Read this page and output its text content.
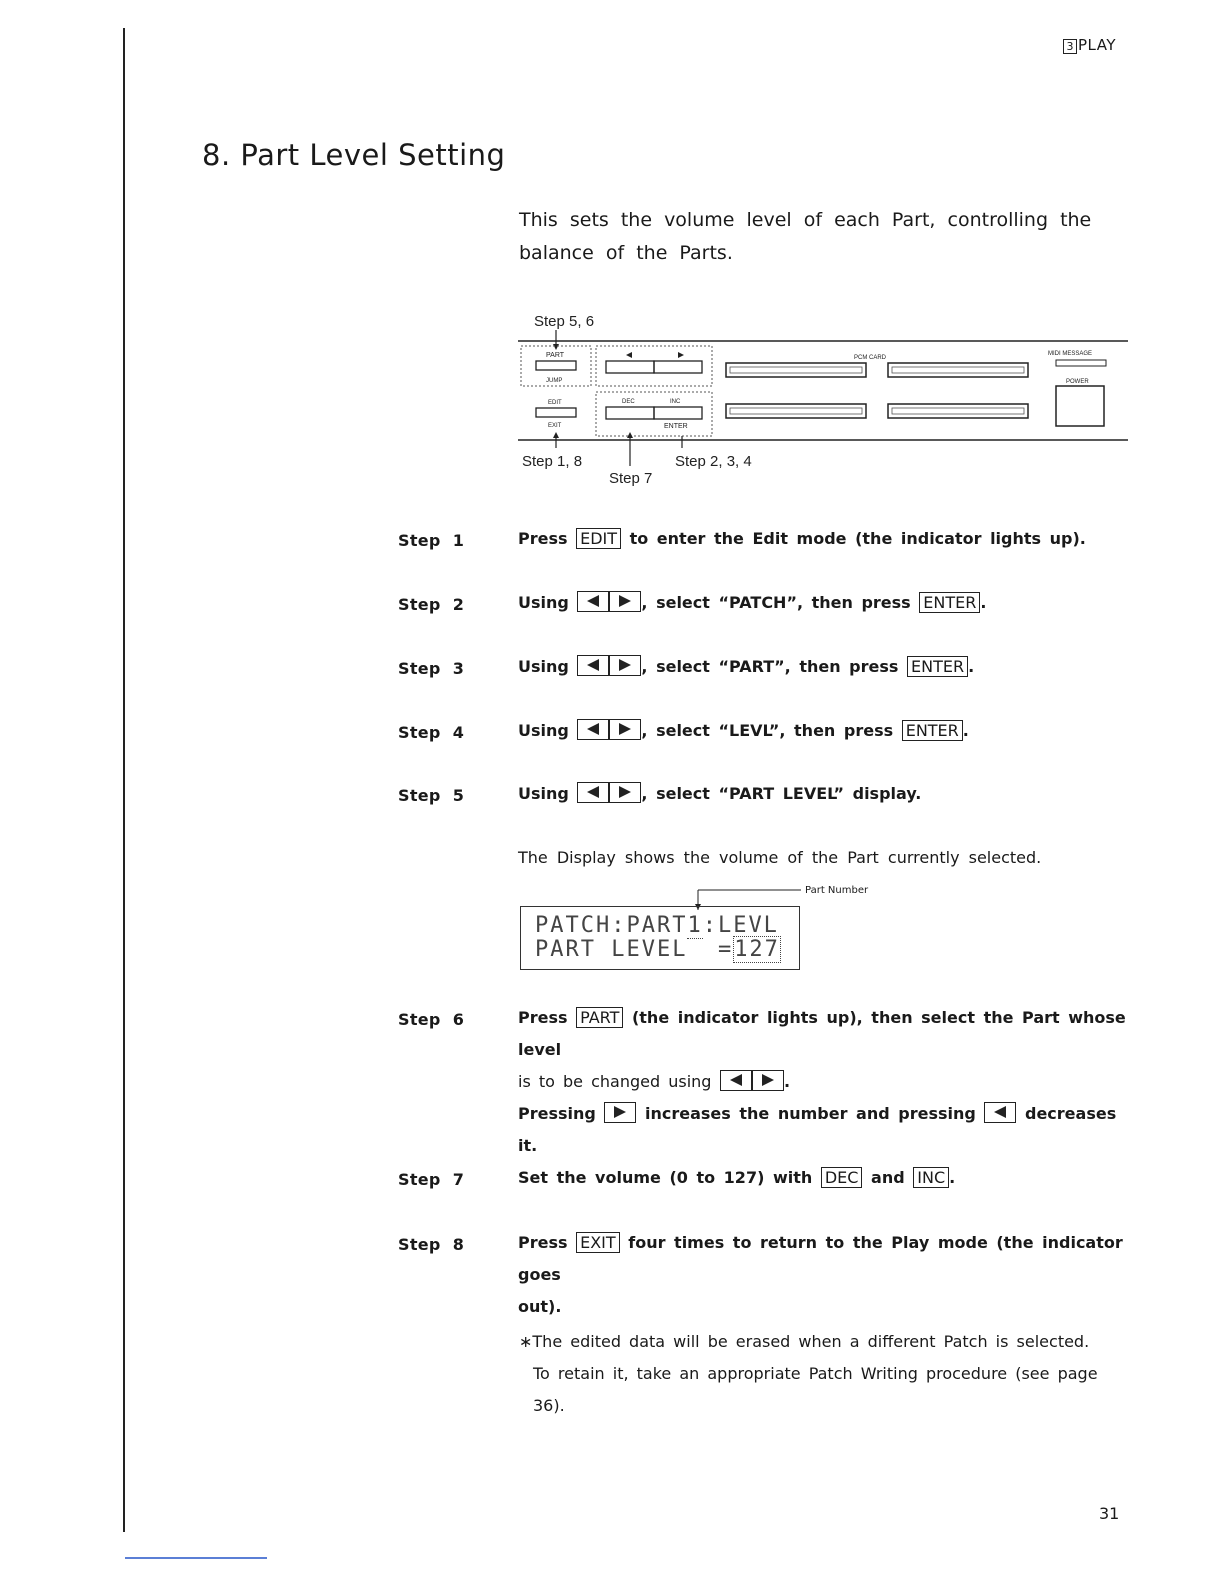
3 PLAY
8. Part Level Setting
This sets the volume level of each Part, controlling the balance of the Parts.
Step 5, 6
PART
JUMP
EDIT
EXIT
DEC	INC
ENTER
PCM CARD
MIDI MESSAGE
POWER
Step 1, 8	Step 2, 3, 4
Step 7
Step 1	Press EDIT to enter the Edit mode (the indicator lights up).
Step 2	Using	, select “PATCH”, then press ENTER .
Step 3	Using	, select “PART”, then press ENTER .
Step 4	Using	, select “LEVL”, then press ENTER .
Step 5	Using	, select “PART LEVEL” display.
The Display shows the volume of the Part currently selected.
Part Number
PATCH:PART1:LEVL
PART LEVEL  =127
Step 6	Press PART (the indicator lights up), then select the Part whose level
is to be changed using	.
Pressing	increases the number and pressing	decreases it.
Step 7	Set the volume (0 to 127) with DEC and INC .
Step 8	Press EXIT four times to return to the Play mode (the indicator goes
out).
∗The edited data will be erased when a different Patch is selected.
To retain it, take an appropriate Patch Writing procedure (see page
36).
31
